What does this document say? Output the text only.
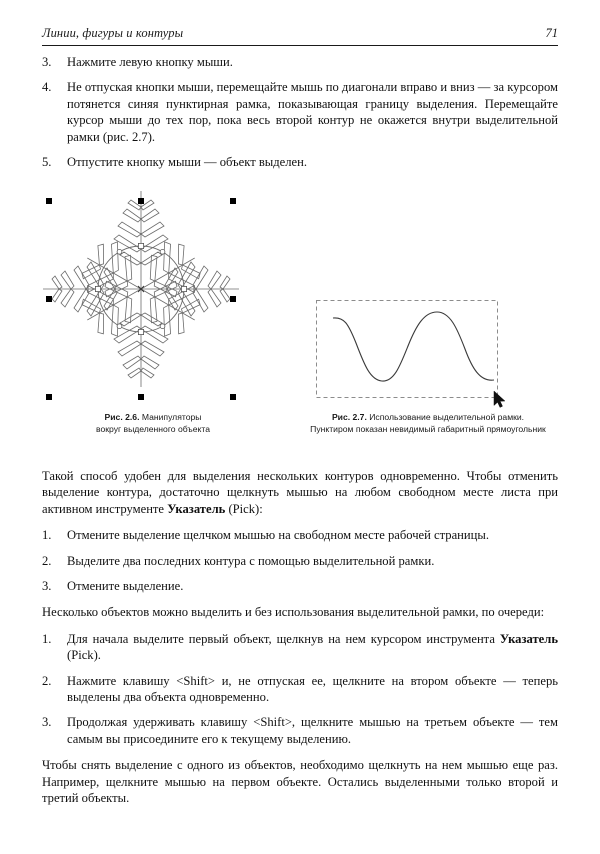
Линии, фигуры и контуры	71
3.	Нажмите левую кнопку мыши.
4.	Не отпуская кнопки мыши, перемещайте мышь по диагонали вправо и вниз — за курсором потянется синяя пунктирная рамка, показывающая границу выделения. Перемещайте курсор мыши до тех пор, пока весь второй контур не окажется внутри выделительной рамки (рис. 2.7).
5.	Отпустите кнопку мыши — объект выделен.
Рис. 2.6. Манипуляторы
вокруг выделенного объекта
Рис. 2.7. Использование выделительной рамки.
Пунктиром показан невидимый габаритный прямоугольник

Такой способ удобен для выделения нескольких контуров одновременно. Чтобы отменить выделение контура, достаточно щелкнуть мышью на любом свободном месте листа при активном инструменте Указатель (Pick):

1.	Отмените выделение щелчком мышью на свободном месте рабочей страницы.
2.	Выделите два последних контура с помощью выделительной рамки.
3.	Отмените выделение.

Несколько объектов можно выделить и без использования выделительной рамки, по очереди:

1.	Для начала выделите первый объект, щелкнув на нем курсором инструмента Указатель (Pick).
2.	Нажмите клавишу <Shift> и, не отпуская ее, щелкните на втором объекте — теперь выделены два объекта одновременно.
3.	Продолжая удерживать клавишу <Shift>, щелкните мышью на третьем объекте — тем самым вы присоедините его к текущему выделению.

Чтобы снять выделение с одного из объектов, необходимо щелкнуть на нем мышью еще раз. Например, щелкните мышью на первом объекте. Остались выделенными только второй и третий объекты.
